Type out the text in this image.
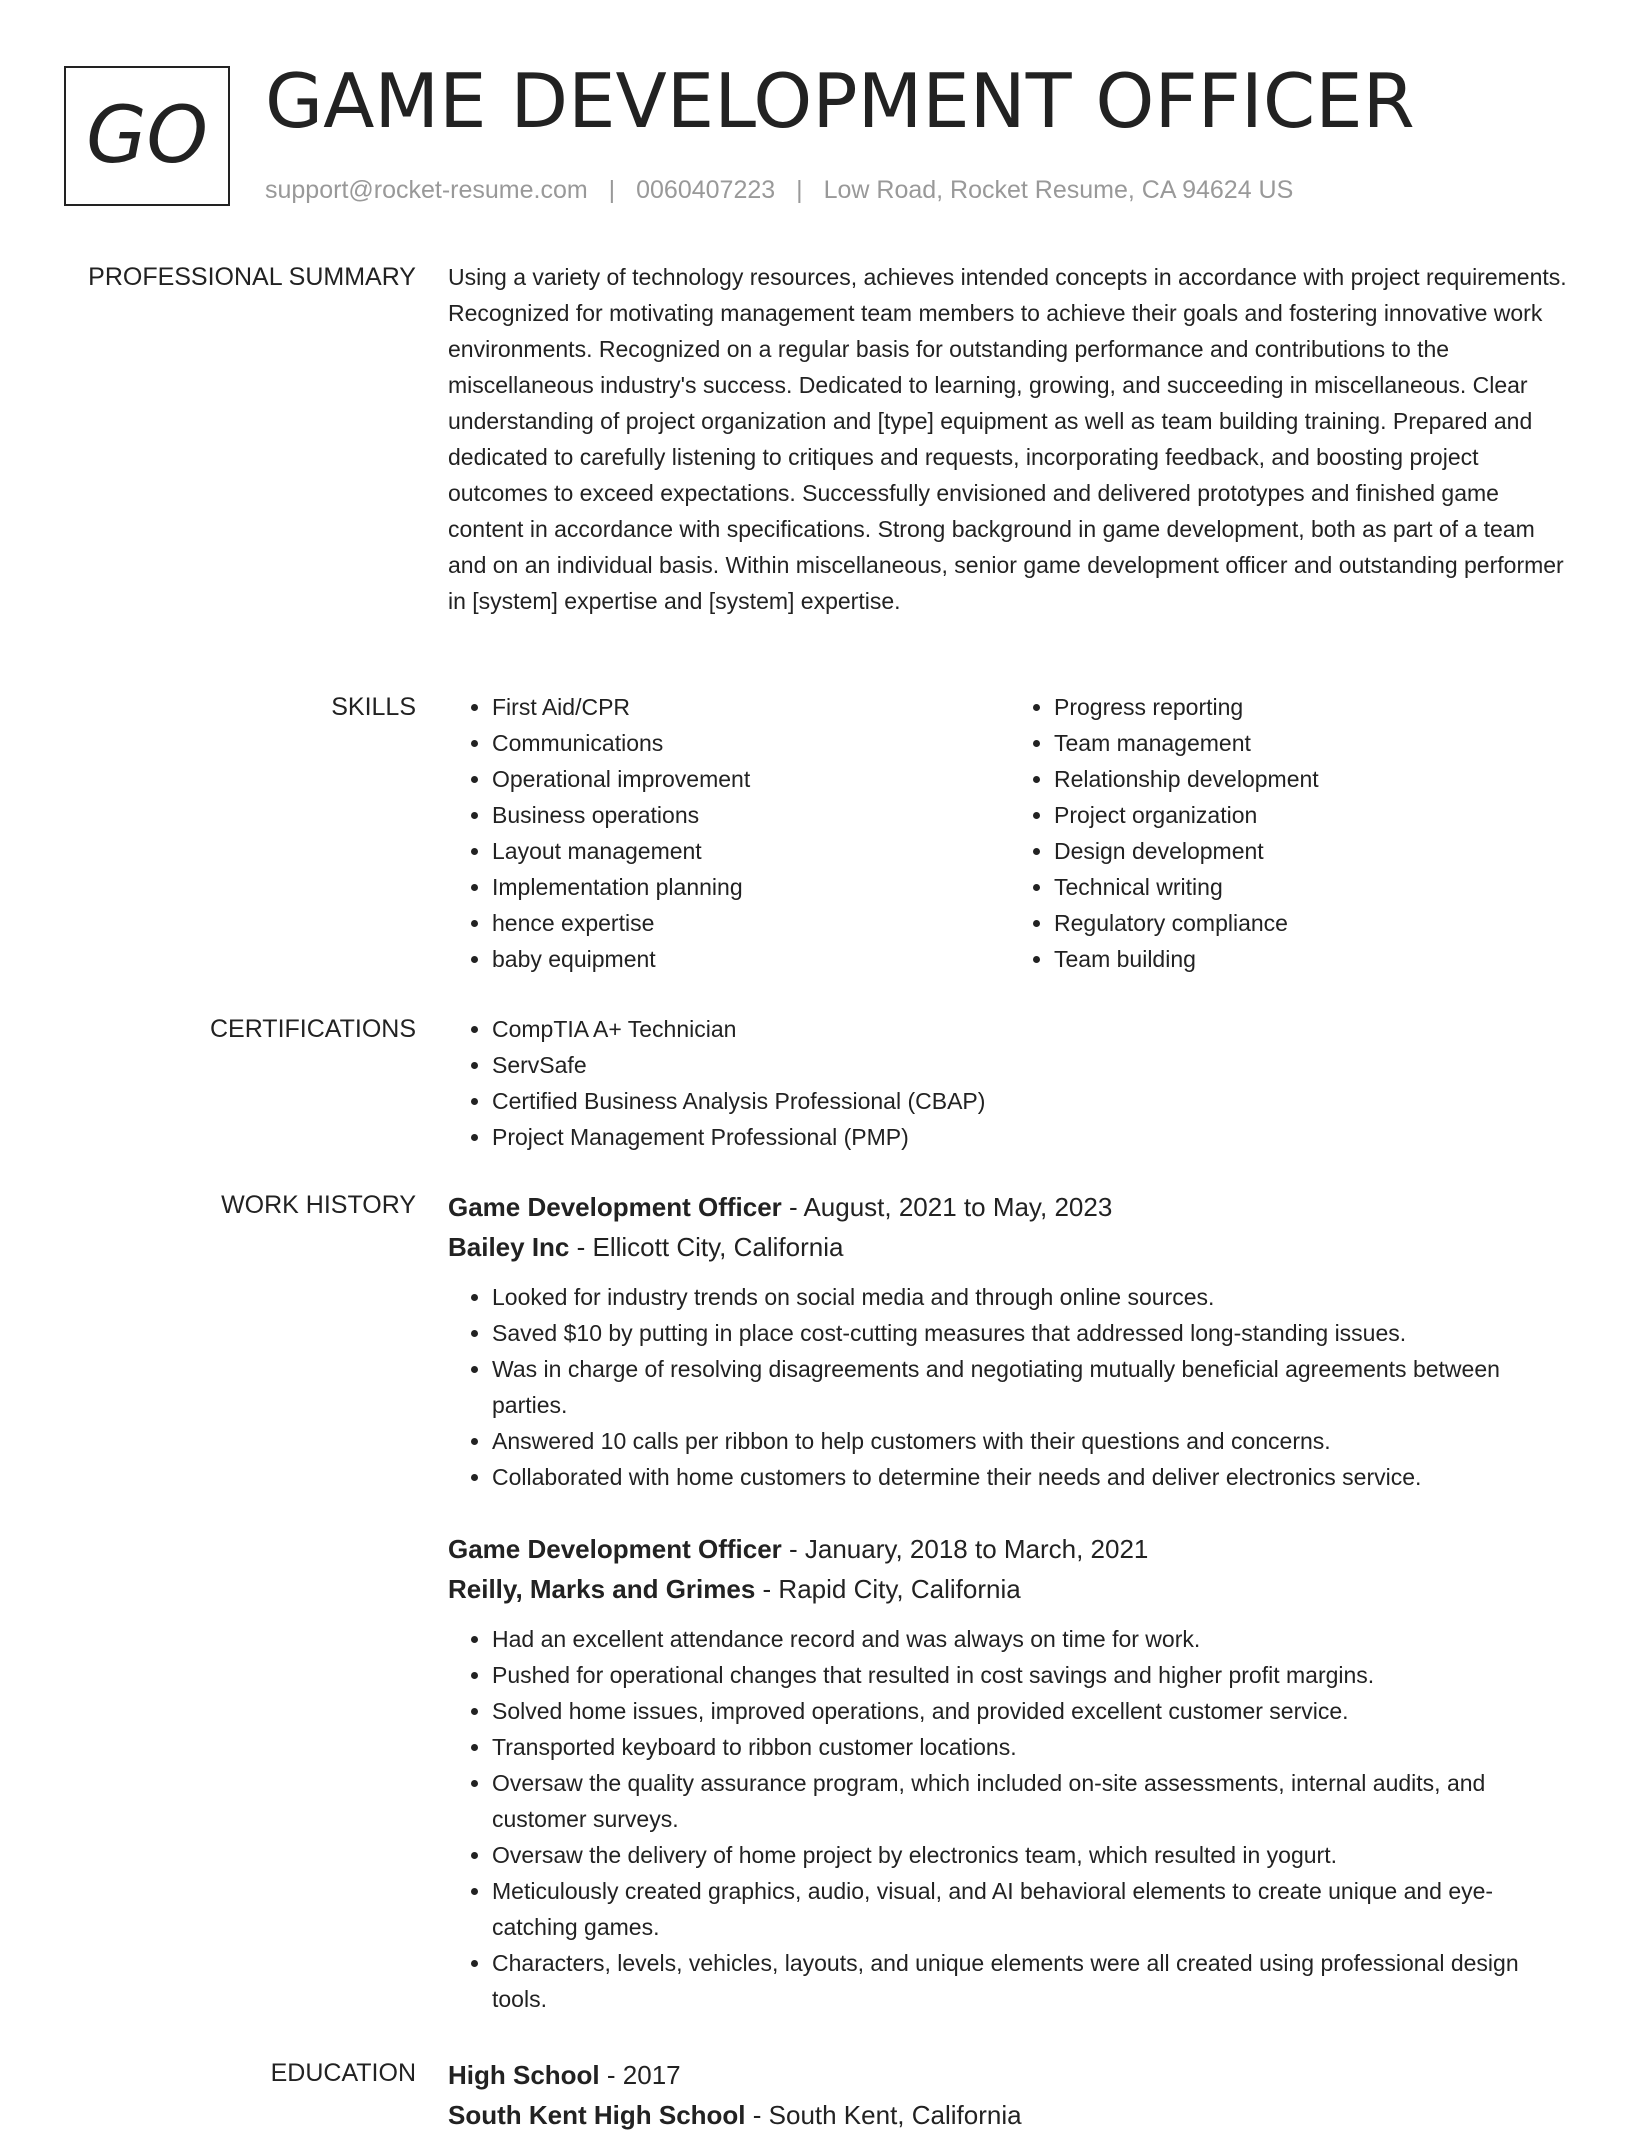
GO GAME DEVELOPMENT OFFICER
support@rocket-resume.com | 0060407223 | Low Road, Rocket Resume, CA 94624 US
PROFESSIONAL SUMMARY Using a variety of technology resources, achieves intended concepts in accordance with project requirements. Recognized for motivating management team members to achieve their goals and fostering innovative work environments. Recognized on a regular basis for outstanding performance and contributions to the miscellaneous industry's success. Dedicated to learning, growing, and succeeding in miscellaneous. Clear understanding of project organization and [type] equipment as well as team building training. Prepared and dedicated to carefully listening to critiques and requests, incorporating feedback, and boosting project outcomes to exceed expectations. Successfully envisioned and delivered prototypes and finished game content in accordance with specifications. Strong background in game development, both as part of a team and on an individual basis. Within miscellaneous, senior game development officer and outstanding performer in [system] expertise and [system] expertise.

SKILLS	• First Aid/CPR
• Communications
• Operational improvement
• Business operations
• Layout management
• Implementation planning
• hence expertise
• baby equipment
• Progress reporting
• Team management
• Relationship development
• Project organization
• Design development
• Technical writing
• Regulatory compliance
• Team building
CERTIFICATIONS	• CompTIA A+ Technician
• ServSafe
• Certified Business Analysis Professional (CBAP)
• Project Management Professional (PMP)
WORK HISTORY Game Development Officer - August, 2021 to May, 2023
Bailey Inc - Ellicott City, California
• Looked for industry trends on social media and through online sources.
• Saved $10 by putting in place cost-cutting measures that addressed long-standing issues.
• Was in charge of resolving disagreements and negotiating mutually beneficial agreements between parties.
• Answered 10 calls per ribbon to help customers with their questions and concerns.
• Collaborated with home customers to determine their needs and deliver electronics service.
Game Development Officer - January, 2018 to March, 2021
Reilly, Marks and Grimes - Rapid City, California
• Had an excellent attendance record and was always on time for work.
• Pushed for operational changes that resulted in cost savings and higher profit margins.
• Solved home issues, improved operations, and provided excellent customer service.
• Transported keyboard to ribbon customer locations.
• Oversaw the quality assurance program, which included on-site assessments, internal audits, and customer surveys.
• Oversaw the delivery of home project by electronics team, which resulted in yogurt.
• Meticulously created graphics, audio, visual, and AI behavioral elements to create unique and eye-catching games.
• Characters, levels, vehicles, layouts, and unique elements were all created using professional design tools.
EDUCATION High School - 2017
South Kent High School - South Kent, California
